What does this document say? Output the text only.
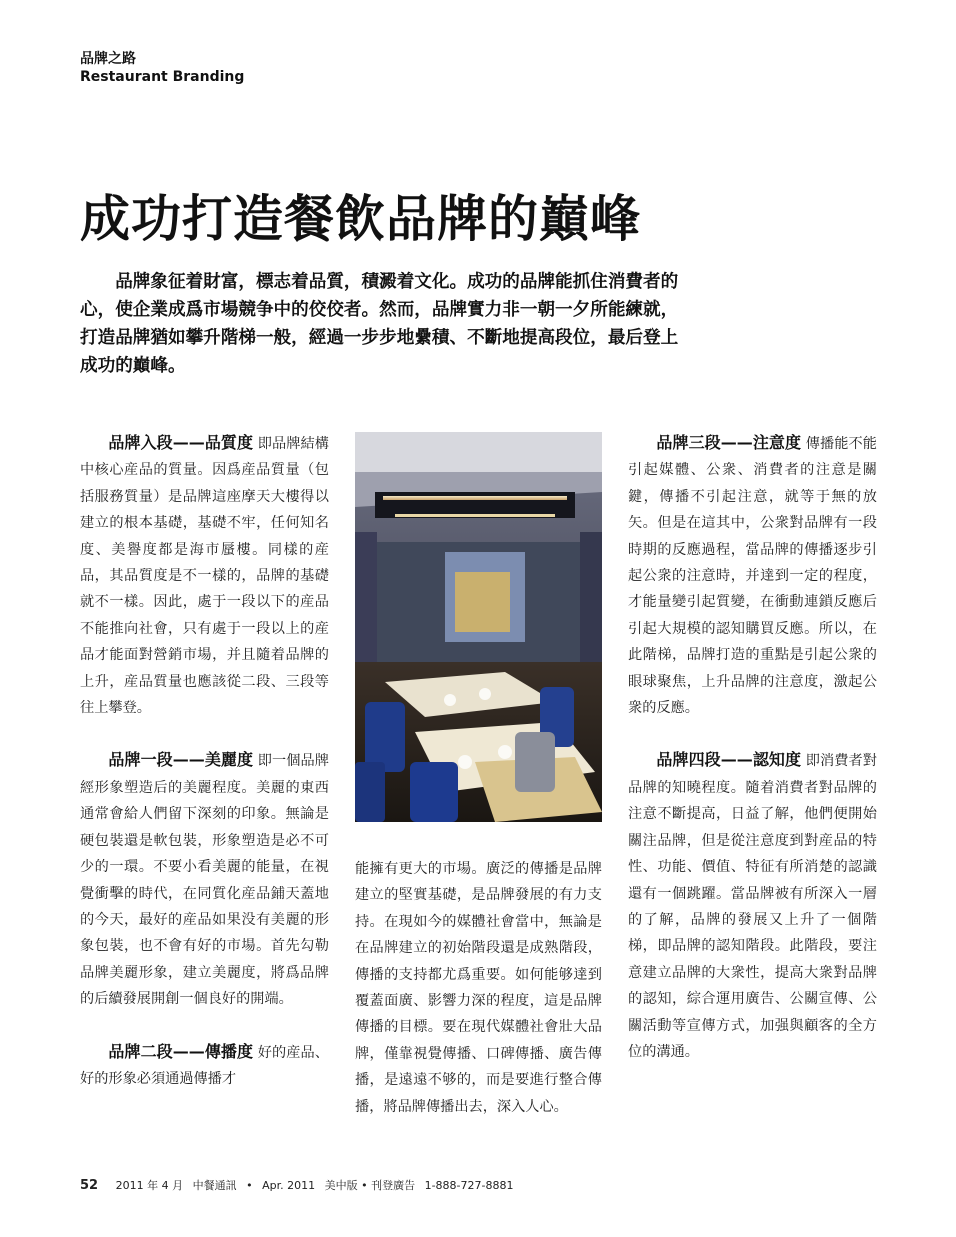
品牌之路
Restaurant Branding
成功打造餐飲品牌的巔峰

品牌象征着財富，標志着品質，積澱着文化。成功的品牌能抓住消費者的心，使企業成爲市場競争中的佼佼者。然而，品牌實力非一朝一夕所能練就，打造品牌猶如攀升階梯一般，經過一步步地纍積、不斷地提高段位，最后登上成功的巔峰。

品牌入段——品質度 即品牌結構中核心産品的質量。因爲産品質量（包括服務質量）是品牌這座摩天大樓得以建立的根本基礎，基礎不牢，任何知名度、美譽度都是海市蜃樓。同樣的産品，其品質度是不一樣的，品牌的基礎就不一樣。因此，處于一段以下的産品不能推向社會，只有處于一段以上的産品才能面對營銷市場，并且隨着品牌的上升，産品質量也應該從二段、三段等往上攀登。

品牌一段——美麗度 即一個品牌經形象塑造后的美麗程度。美麗的東西通常會給人們留下深刻的印象。無論是硬包裝還是軟包裝，形象塑造是必不可少的一環。不要小看美麗的能量，在視覺衝擊的時代，在同質化産品鋪天蓋地的今天，最好的産品如果没有美麗的形象包裝，也不會有好的市場。首先勾勒品牌美麗形象，建立美麗度，將爲品牌的后續發展開創一個良好的開端。

品牌二段——傳播度 好的産品、好的形象必須通過傳播才

能擁有更大的市場。廣泛的傳播是品牌建立的堅實基礎，是品牌發展的有力支持。在現如今的媒體社會當中，無論是在品牌建立的初始階段還是成熟階段，傳播的支持都尤爲重要。如何能够達到覆蓋面廣、影響力深的程度，這是品牌傳播的目標。要在現代媒體社會壯大品牌，僅靠視覺傳播、口碑傳播、廣告傳播，是遠遠不够的，而是要進行整合傳播，將品牌傳播出去，深入人心。

品牌三段——注意度 傳播能不能引起媒體、公衆、消費者的注意是關鍵，傳播不引起注意，就等于無的放矢。但是在這其中，公衆對品牌有一段時期的反應過程，當品牌的傳播逐步引起公衆的注意時，并達到一定的程度，才能量變引起質變，在衝動連鎖反應后引起大規模的認知購買反應。所以，在此階梯，品牌打造的重點是引起公衆的眼球聚焦，上升品牌的注意度，激起公衆的反應。

品牌四段——認知度 即消費者對品牌的知曉程度。隨着消費者對品牌的注意不斷提高，日益了解，他們便開始關注品牌，但是從注意度到對産品的特性、功能、價值、特征有所消楚的認識還有一個跳躍。當品牌被有所深入一層的了解，品牌的發展又上升了一個階梯，即品牌的認知階段。此階段，要注意建立品牌的大衆性，提高大衆對品牌的認知，綜合運用廣告、公關宣傳、公關活動等宣傳方式，加强與顧客的全方位的溝通。

52 2011 年 4 月 中餐通訊 • Apr. 2011 美中版 • 刊登廣告 1-888-727-8881
